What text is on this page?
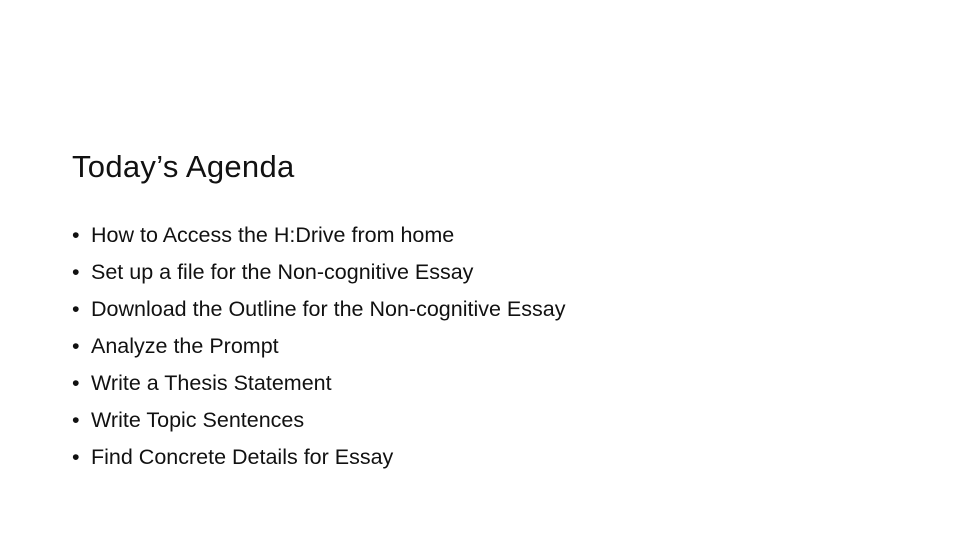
Today’s Agenda
• How to Access the H:Drive from home
• Set up a file for the Non-cognitive Essay
• Download the Outline for the Non-cognitive Essay
• Analyze the Prompt
• Write a Thesis Statement
• Write Topic Sentences
• Find Concrete Details for Essay
